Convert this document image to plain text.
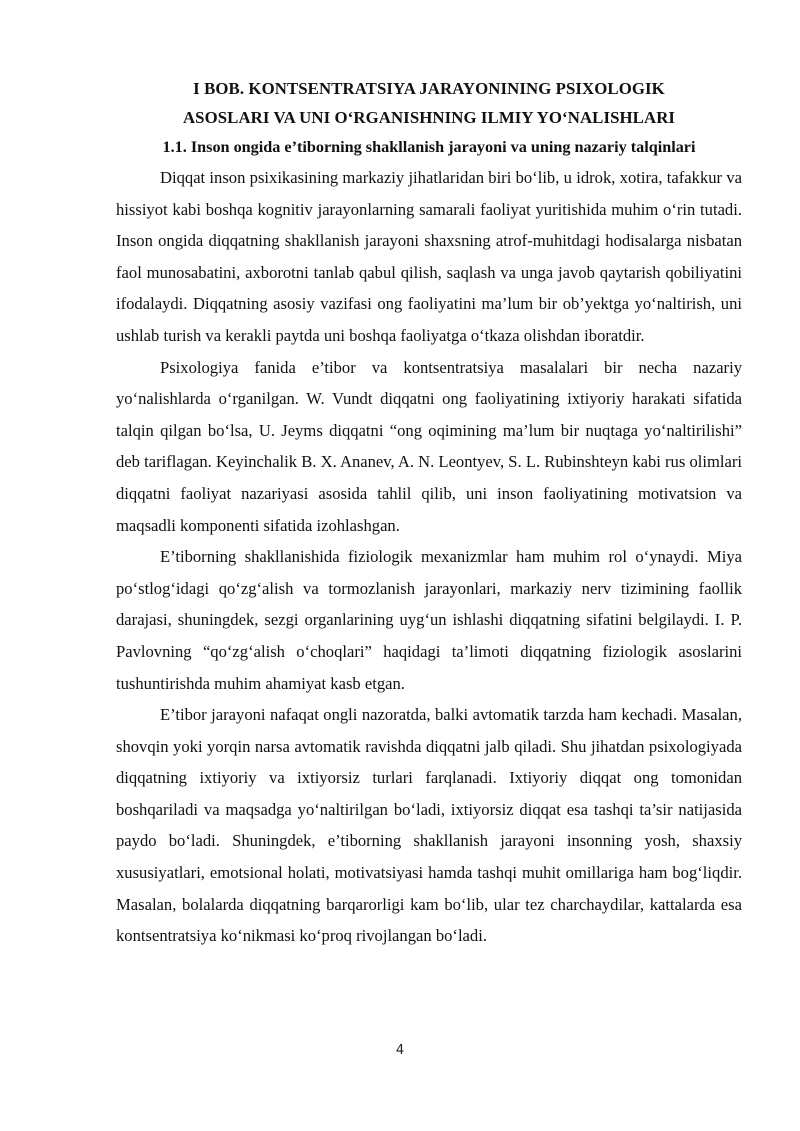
I BOB. KONTSENTRATSIYA JARAYONINING PSIXOLOGIK
ASOSLARI VA UNI O‘RGANISHNING ILMIY YO‘NALISHLARI
1.1. Inson ongida e’tiborning shakllanish jarayoni va uning nazariy talqinlari

Diqqat inson psixikasining markaziy jihatlaridan biri bo‘lib, u idrok, xotira, tafakkur va hissiyot kabi boshqa kognitiv jarayonlarning samarali faoliyat yuritishida muhim o‘rin tutadi. Inson ongida diqqatning shakllanish jarayoni shaxsning atrof-muhitdagi hodisalarga nisbatan faol munosabatini, axborotni tanlab qabul qilish, saqlash va unga javob qaytarish qobiliyatini ifodalaydi. Diqqatning asosiy vazifasi ong faoliyatini ma’lum bir ob’yektga yo‘naltirish, uni ushlab turish va kerakli paytda uni boshqa faoliyatga o‘tkaza olishdan iboratdir.

Psixologiya fanida e’tibor va kontsentratsiya masalalari bir necha nazariy yo‘nalishlarda o‘rganilgan. W. Vundt diqqatni ong faoliyatining ixtiyoriy harakati sifatida talqin qilgan bo‘lsa, U. Jeyms diqqatni “ong oqimining ma’lum bir nuqtaga yo‘naltirilishi” deb tariflagan. Keyinchalik B. X. Ananev, A. N. Leontyev, S. L. Rubinshteyn kabi rus olimlari diqqatni faoliyat nazariyasi asosida tahlil qilib, uni inson faoliyatining motivatsion va maqsadli komponenti sifatida izohlashgan.

E’tiborning shakllanishida fiziologik mexanizmlar ham muhim rol o‘ynaydi. Miya po‘stlog‘idagi qo‘zg‘alish va tormozlanish jarayonlari, markaziy nerv tizimining faollik darajasi, shuningdek, sezgi organlarining uyg‘un ishlashi diqqatning sifatini belgilaydi. I. P. Pavlovning “qo‘zg‘alish o‘choqlari” haqidagi ta’limoti diqqatning fiziologik asoslarini tushuntirishda muhim ahamiyat kasb etgan.

E’tibor jarayoni nafaqat ongli nazoratda, balki avtomatik tarzda ham kechadi. Masalan, shovqin yoki yorqin narsa avtomatik ravishda diqqatni jalb qiladi. Shu jihatdan psixologiyada diqqatning ixtiyoriy va ixtiyorsiz turlari farqlanadi. Ixtiyoriy diqqat ong tomonidan boshqariladi va maqsadga yo‘naltirilgan bo‘ladi, ixtiyorsiz diqqat esa tashqi ta’sir natijasida paydo bo‘ladi. Shuningdek, e’tiborning shakllanish jarayoni insonning yosh, shaxsiy xususiyatlari, emotsional holati, motivatsiyasi hamda tashqi muhit omillariga ham bog‘liqdir. Masalan, bolalarda diqqatning barqarorligi kam bo‘lib, ular tez charchaydilar, kattalarda esa kontsentratsiya ko‘nikmasi ko‘proq rivojlangan bo‘ladi.

4
